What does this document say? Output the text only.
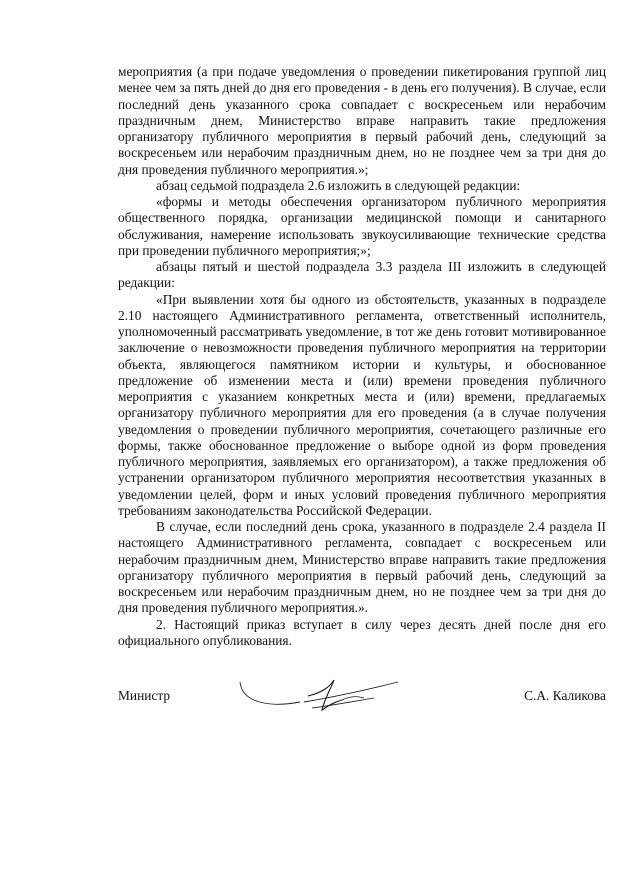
мероприятия (а при подаче уведомления о проведении пикетирования группой лиц менее чем за пять дней до дня его проведения - в день его получения). В случае, если последний день указанного срока совпадает с воскресеньем или нерабочим праздничным днем, Министерство вправе направить такие предложения организатору публичного мероприятия в первый рабочий день, следующий за воскресеньем или нерабочим праздничным днем, но не позднее чем за три дня до дня проведения публичного мероприятия.»;

абзац седьмой подраздела 2.6 изложить в следующей редакции:

«формы и методы обеспечения организатором публичного мероприятия общественного порядка, организации медицинской помощи и санитарного обслуживания, намерение использовать звукоусиливающие технические средства при проведении публичного мероприятия;»;

абзацы пятый и шестой подраздела 3.3 раздела III изложить в следующей редакции:

«При выявлении хотя бы одного из обстоятельств, указанных в подразделе 2.10 настоящего Административного регламента, ответственный исполнитель, уполномоченный рассматривать уведомление, в тот же день готовит мотивированное заключение о невозможности проведения публичного мероприятия на территории объекта, являющегося памятником истории и культуры, и обоснованное предложение об изменении места и (или) времени проведения публичного мероприятия с указанием конкретных места и (или) времени, предлагаемых организатору публичного мероприятия для его проведения (а в случае получения уведомления о проведении публичного мероприятия, сочетающего различные его формы, также обоснованное предложение о выборе одной из форм проведения публичного мероприятия, заявляемых его организатором), а также предложения об устранении организатором публичного мероприятия несоответствия указанных в уведомлении целей, форм и иных условий проведения публичного мероприятия требованиям законодательства Российской Федерации.

В случае, если последний день срока, указанного в подразделе 2.4 раздела II настоящего Административного регламента, совпадает с воскресеньем или нерабочим праздничным днем, Министерство вправе направить такие предложения организатору публичного мероприятия в первый рабочий день, следующий за воскресеньем или нерабочим праздничным днем, но не позднее чем за три дня до дня проведения публичного мероприятия.».

2. Настоящий приказ вступает в силу через десять дней после дня его официального опубликования.

Министр	С.А. Каликова
